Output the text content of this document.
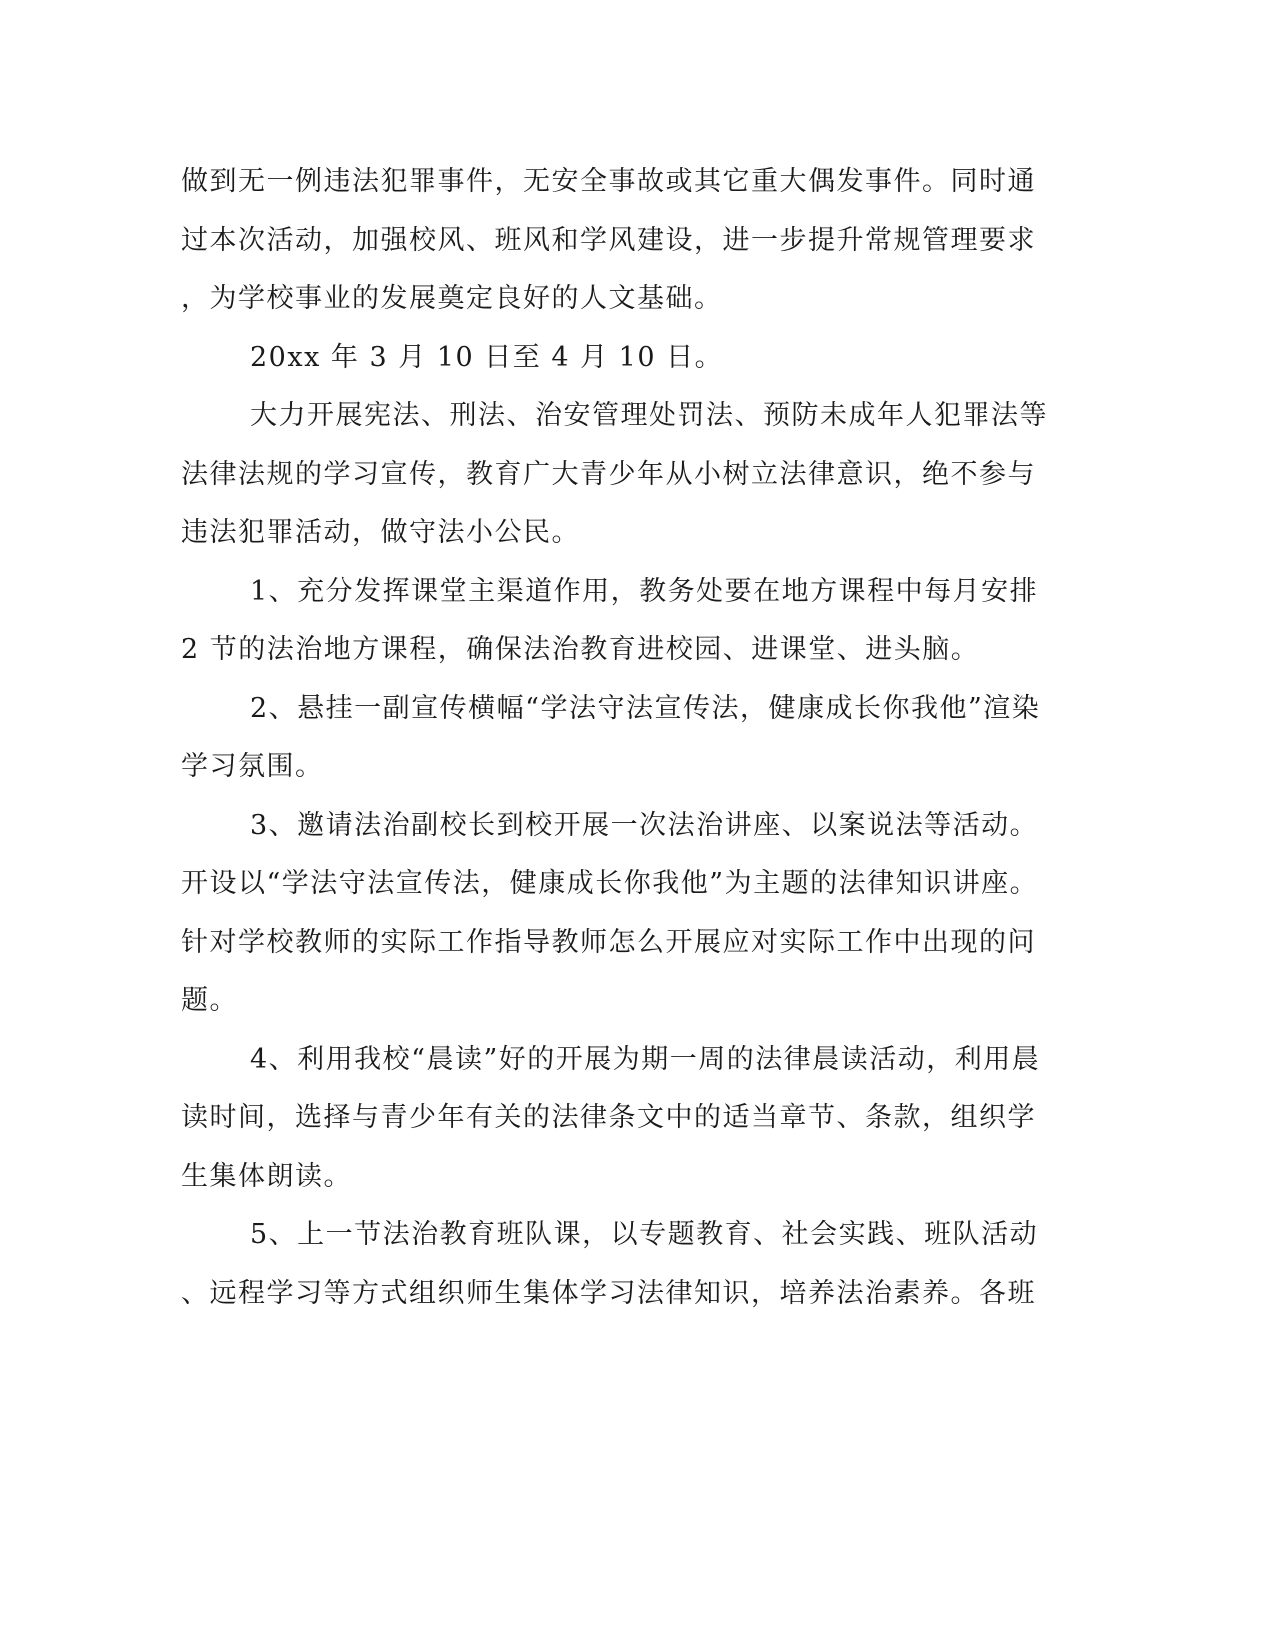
做到无一例违法犯罪事件，无安全事故或其它重大偶发事件。同时通
过本次活动，加强校风、班风和学风建设，进一步提升常规管理要求
，为学校事业的发展奠定良好的人文基础。
20xx 年 3 月 10 日至 4 月 10 日。
大力开展宪法、刑法、治安管理处罚法、预防未成年人犯罪法等
法律法规的学习宣传，教育广大青少年从小树立法律意识，绝不参与
违法犯罪活动，做守法小公民。
1、充分发挥课堂主渠道作用，教务处要在地方课程中每月安排
2 节的法治地方课程，确保法治教育进校园、进课堂、进头脑。
2、悬挂一副宣传横幅“学法守法宣传法，健康成长你我他”渲染
学习氛围。
3、邀请法治副校长到校开展一次法治讲座、以案说法等活动。
开设以“学法守法宣传法，健康成长你我他”为主题的法律知识讲座。
针对学校教师的实际工作指导教师怎么开展应对实际工作中出现的问
题。
4、利用我校“晨读”好的开展为期一周的法律晨读活动，利用晨
读时间，选择与青少年有关的法律条文中的适当章节、条款，组织学
生集体朗读。
5、上一节法治教育班队课，以专题教育、社会实践、班队活动
、远程学习等方式组织师生集体学习法律知识，培养法治素养。各班
